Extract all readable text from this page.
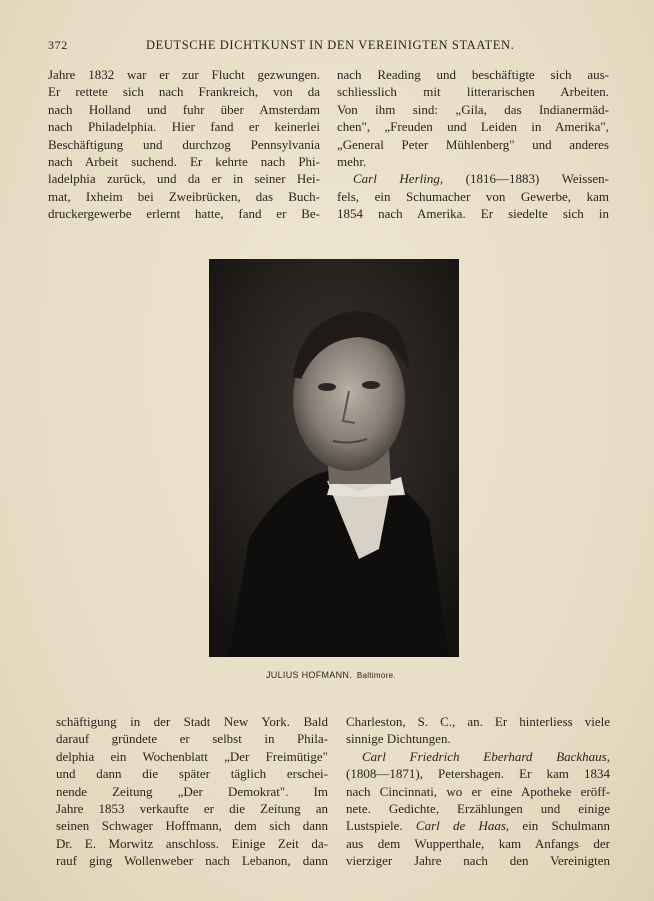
372	DEUTSCHE DICHTKUNST IN DEN VEREINIGTEN STAATEN.
Jahre 1832 war er zur Flucht gezwungen.
Er rettete sich nach Frankreich, von da
nach Holland und fuhr über Amsterdam
nach Philadelphia. Hier fand er keinerlei
Beschäftigung und durchzog Pennsylvania
nach Arbeit suchend. Er kehrte nach Phi-
ladelphia zurück, und da er in seiner Hei-
mat, Ixheim bei Zweibrücken, das Buch-
druckergewerbe erlernt hatte, fand er Be-
nach Reading und beschäftigte sich aus-
schliesslich mit litterarischen Arbeiten.
Von ihm sind: „Gila, das Indianermäd-
chen", „Freuden und Leiden in Amerika",
„General Peter Mühlenberg" und anderes
mehr.
Carl Herling, (1816—1883) Weissen-
fels, ein Schumacher von Gewerbe, kam
1854 nach Amerika. Er siedelte sich in
JULIUS HOFMANN. Baltimore.
schäftigung in der Stadt New York. Bald
darauf gründete er selbst in Phila-
delphia ein Wochenblatt „Der Freimütige"
und dann die später täglich erschei-
nende Zeitung „Der Demokrat". Im
Jahre 1853 verkaufte er die Zeitung an
seinen Schwager Hoffmann, dem sich dann
Dr. E. Morwitz anschloss. Einige Zeit da-
rauf ging Wollenweber nach Lebanon, dann
Charleston, S. C., an. Er hinterliess viele
sinnige Dichtungen.
Carl Friedrich Eberhard Backhaus,
(1808—1871), Petershagen. Er kam 1834
nach Cincinnati, wo er eine Apotheke eröff-
nete. Gedichte, Erzählungen und einige
Lustspiele. Carl de Haas, ein Schulmann
aus dem Wupperthale, kam Anfangs der
vierziger Jahre nach den Vereinigten
